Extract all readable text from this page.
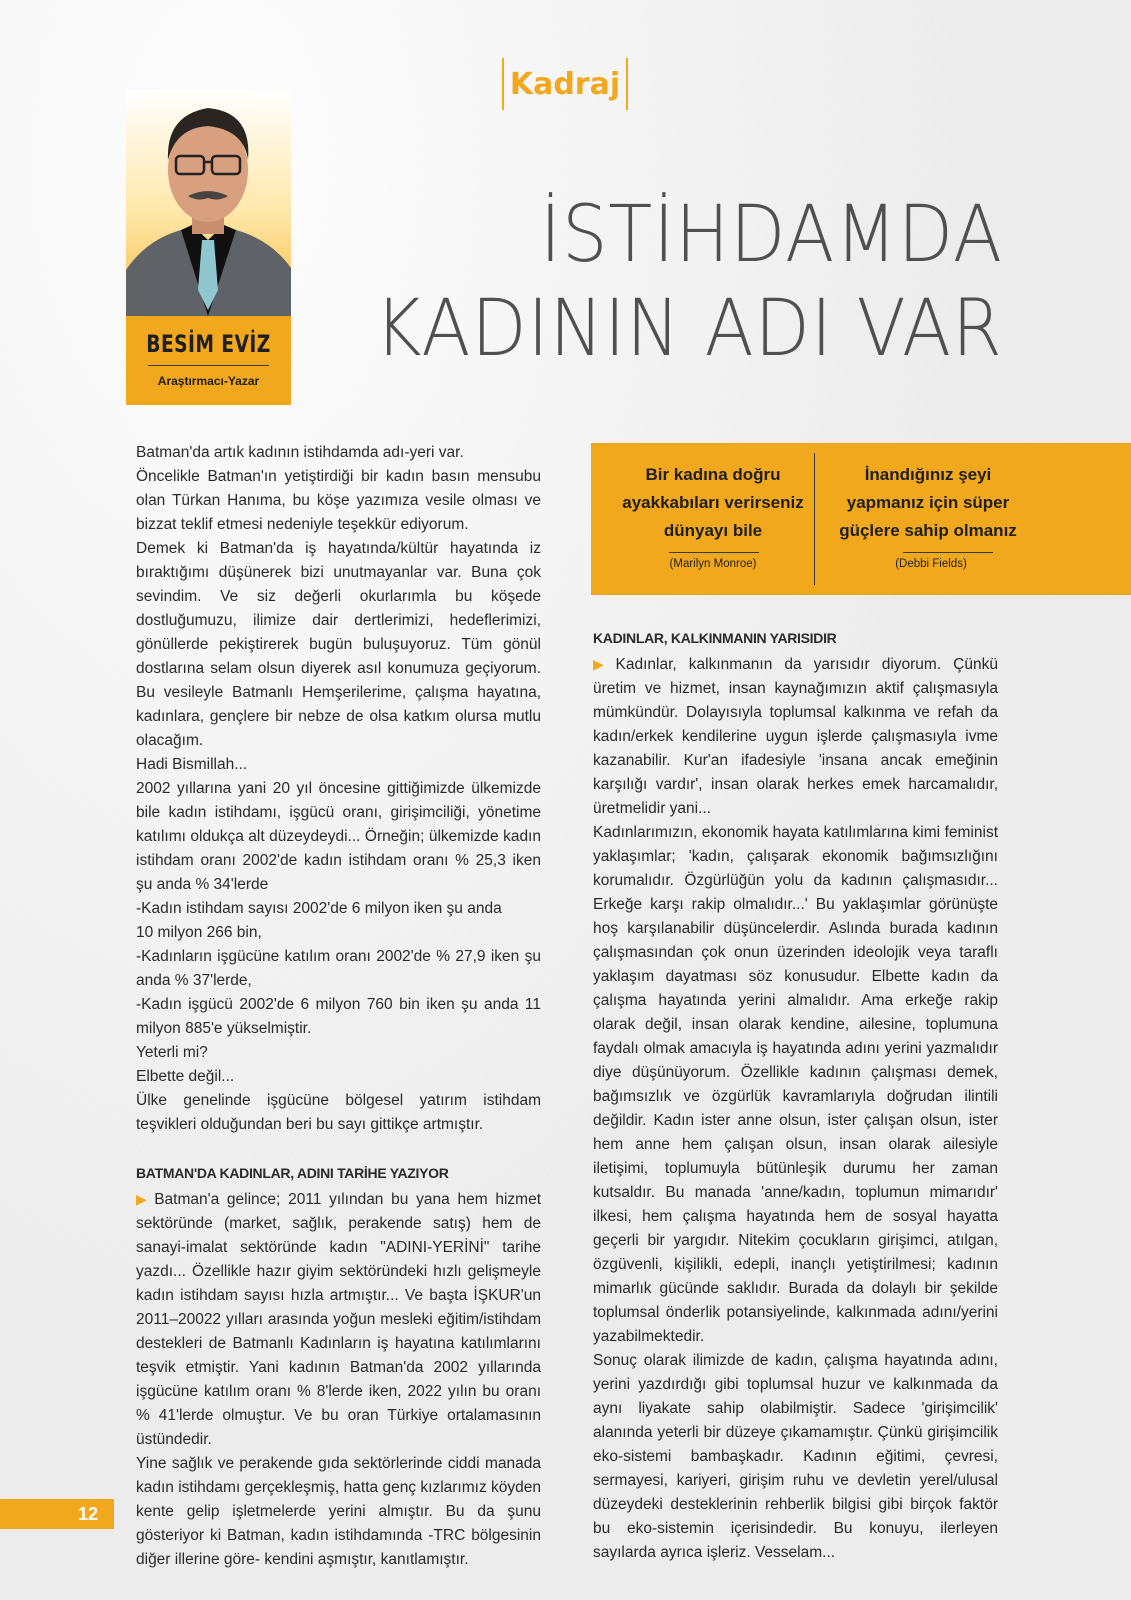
Kadraj
BESİM EVİZ
Araştırmacı-Yazar
İSTİHDAMDA
KADININ ADI VAR
Bir kadına doğru ayakkabıları verirseniz dünyayı bile
(Marilyn Monroe)
İnandığınız şeyi yapmanız için süper güçlere sahip olmanız
(Debbi Fields)

Batman'da artık kadının istihdamda adı-yeri var.

Öncelikle Batman'ın yetiştirdiği bir kadın basın mensubu olan Türkan Hanıma, bu köşe yazımıza vesile olması ve bizzat teklif etmesi nedeniyle teşekkür ediyorum.

Demek ki Batman'da iş hayatında/kültür hayatında iz bıraktığımı düşünerek bizi unutmayanlar var. Buna çok sevindim. Ve siz değerli okurlarımla bu köşede dostluğumuzu, ilimize dair dertlerimizi, hedeflerimizi, gönüllerde pekiştirerek bugün buluşuyoruz. Tüm gönül dostlarına selam olsun diyerek asıl konumuza geçiyorum. Bu vesileyle Batmanlı Hemşerilerime, çalışma hayatına, kadınlara, gençlere bir nebze de olsa katkım olursa mutlu olacağım.

Hadi Bismillah...

2002 yıllarına yani 20 yıl öncesine gittiğimizde ülkemizde bile kadın istihdamı, işgücü oranı, girişimciliği, yönetime katılımı oldukça alt düzeydeydi... Örneğin; ülkemizde kadın istihdam oranı 2002'de kadın istihdam oranı % 25,3 iken şu anda % 34'lerde

-Kadın istihdam sayısı 2002'de 6 milyon iken şu anda

10 milyon 266 bin,

-Kadınların işgücüne katılım oranı 2002'de % 27,9 iken şu anda % 37'lerde,

-Kadın işgücü 2002'de 6 milyon 760 bin iken şu anda 11 milyon 885'e yükselmiştir.

Yeterli mi?

Elbette değil...

Ülke genelinde işgücüne bölgesel yatırım istihdam teşvikleri olduğundan beri bu sayı gittikçe artmıştır.

BATMAN'DA KADINLAR, ADINI TARİHE YAZIYOR

▶ Batman'a gelince; 2011 yılından bu yana hem hizmet sektöründe (market, sağlık, perakende satış) hem de sanayi-imalat sektöründe kadın "ADINI-YERİNİ" tarihe yazdı... Özellikle hazır giyim sektöründeki hızlı gelişmeyle kadın istihdam sayısı hızla artmıştır... Ve başta İŞKUR'un 2011–20022 yılları arasında yoğun mesleki eğitim/istihdam destekleri de Batmanlı Kadınların iş hayatına katılımlarını teşvik etmiştir. Yani kadının Batman'da 2002 yıllarında işgücüne katılım oranı % 8'lerde iken, 2022 yılın bu oranı % 41'lerde olmuştur. Ve bu oran Türkiye ortalamasının üstündedir.

Yine sağlık ve perakende gıda sektörlerinde ciddi manada kadın istihdamı gerçekleşmiş, hatta genç kızlarımız köyden kente gelip işletmelerde yerini almıştır. Bu da şunu gösteriyor ki Batman, kadın istihdamında -TRC bölgesinin diğer illerine göre- kendini aşmıştır, kanıtlamıştır.

KADINLAR, KALKINMANIN YARISIDIR

▶ Kadınlar, kalkınmanın da yarısıdır diyorum. Çünkü üretim ve hizmet, insan kaynağımızın aktif çalışmasıyla mümkündür. Dolayısıyla toplumsal kalkınma ve refah da kadın/erkek kendilerine uygun işlerde çalışmasıyla ivme kazanabilir. Kur'an ifadesiyle 'insana ancak emeğinin karşılığı vardır', insan olarak herkes emek harcamalıdır, üretmelidir yani...

Kadınlarımızın, ekonomik hayata katılımlarına kimi feminist yaklaşımlar; 'kadın, çalışarak ekonomik bağımsızlığını korumalıdır. Özgürlüğün yolu da kadının çalışmasıdır... Erkeğe karşı rakip olmalıdır...' Bu yaklaşımlar görünüşte hoş karşılanabilir düşüncelerdir. Aslında burada kadının çalışmasından çok onun üzerinden ideolojik veya taraflı yaklaşım dayatması söz konusudur. Elbette kadın da çalışma hayatında yerini almalıdır. Ama erkeğe rakip olarak değil, insan olarak kendine, ailesine, toplumuna faydalı olmak amacıyla iş hayatında adını yerini yazmalıdır diye düşünüyorum. Özellikle kadının çalışması demek, bağımsızlık ve özgürlük kavramlarıyla doğrudan ilintili değildir. Kadın ister anne olsun, ister çalışan olsun, ister hem anne hem çalışan olsun, insan olarak ailesiyle iletişimi, toplumuyla bütünleşik durumu her zaman kutsaldır. Bu manada 'anne/kadın, toplumun mimarıdır' ilkesi, hem çalışma hayatında hem de sosyal hayatta geçerli bir yargıdır. Nitekim çocukların girişimci, atılgan, özgüvenli, kişilikli, edepli, inançlı yetiştirilmesi; kadının mimarlık gücünde saklıdır. Burada da dolaylı bir şekilde toplumsal önderlik potansiyelinde, kalkınmada adını/yerini yazabilmektedir.

Sonuç olarak ilimizde de kadın, çalışma hayatında adını, yerini yazdırdığı gibi toplumsal huzur ve kalkınmada da aynı liyakate sahip olabilmiştir. Sadece 'girişimcilik' alanında yeterli bir düzeye çıkamamıştır. Çünkü girişimcilik eko-sistemi bambaşkadır. Kadının eğitimi, çevresi, sermayesi, kariyeri, girişim ruhu ve devletin yerel/ulusal düzeydeki desteklerinin rehberlik bilgisi gibi birçok faktör bu eko-sistemin içerisindedir. Bu konuyu, ilerleyen sayılarda ayrıca işleriz. Vesselam...

12
